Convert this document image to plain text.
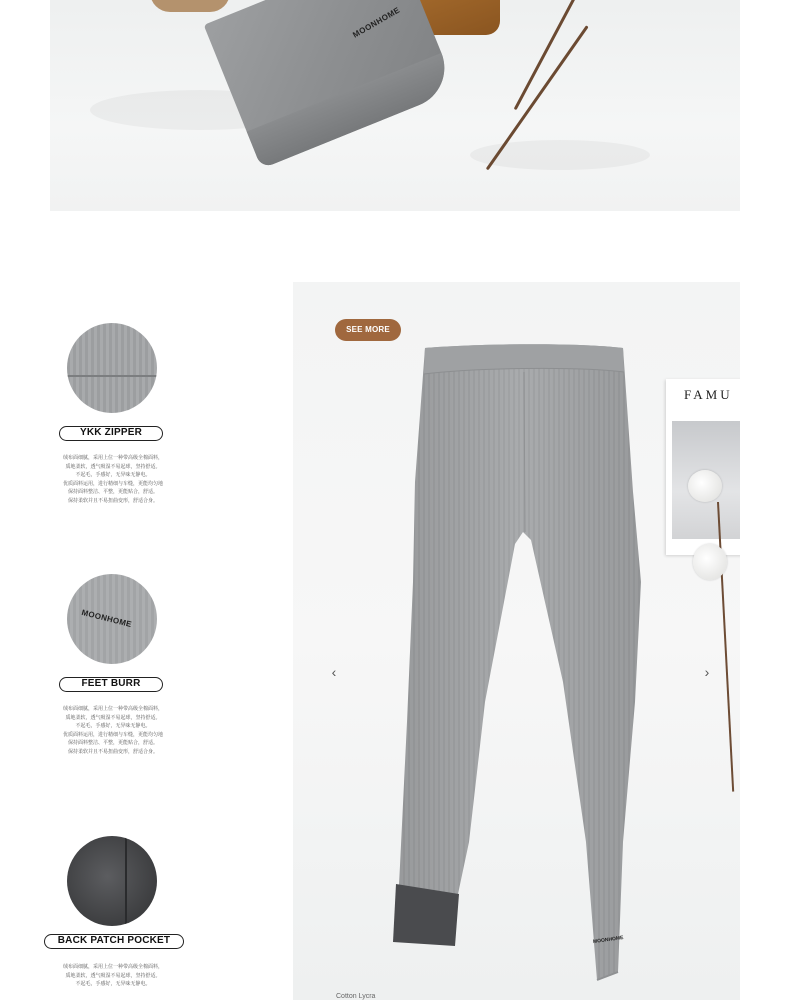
MOONHOME
YKK ZIPPER
绒布面细腻，采用上位一种带高级全棉面料，
质地柔软，透气吸湿不易起球，坚持舒适。
不起毛，手感好，无异味无静电。
优质面料运用，进行精细与车缝，更能均匀地
保持面料整洁、平整，更能贴合，舒适。
保持柔软并且不易扭曲变形，舒适合身。
MOONHOME
FEET BURR
绒布面细腻，采用上位一种带高级全棉面料，
质地柔软，透气吸湿不易起球，坚持舒适。
不起毛，手感好，无异味无静电。
优质面料运用，进行精细与车缝，更能均匀地
保持面料整洁、平整，更能贴合，舒适。
保持柔软并且不易扭曲变形，舒适合身。
BACK PATCH POCKET
绒布面细腻，采用上位一种带高级全棉面料，
质地柔软，透气吸湿不易起球，坚持舒适。
不起毛，手感好，无异味无静电。
FAMU
MOONHOME
SEE MORE
‹	›
Cotton Lycra
